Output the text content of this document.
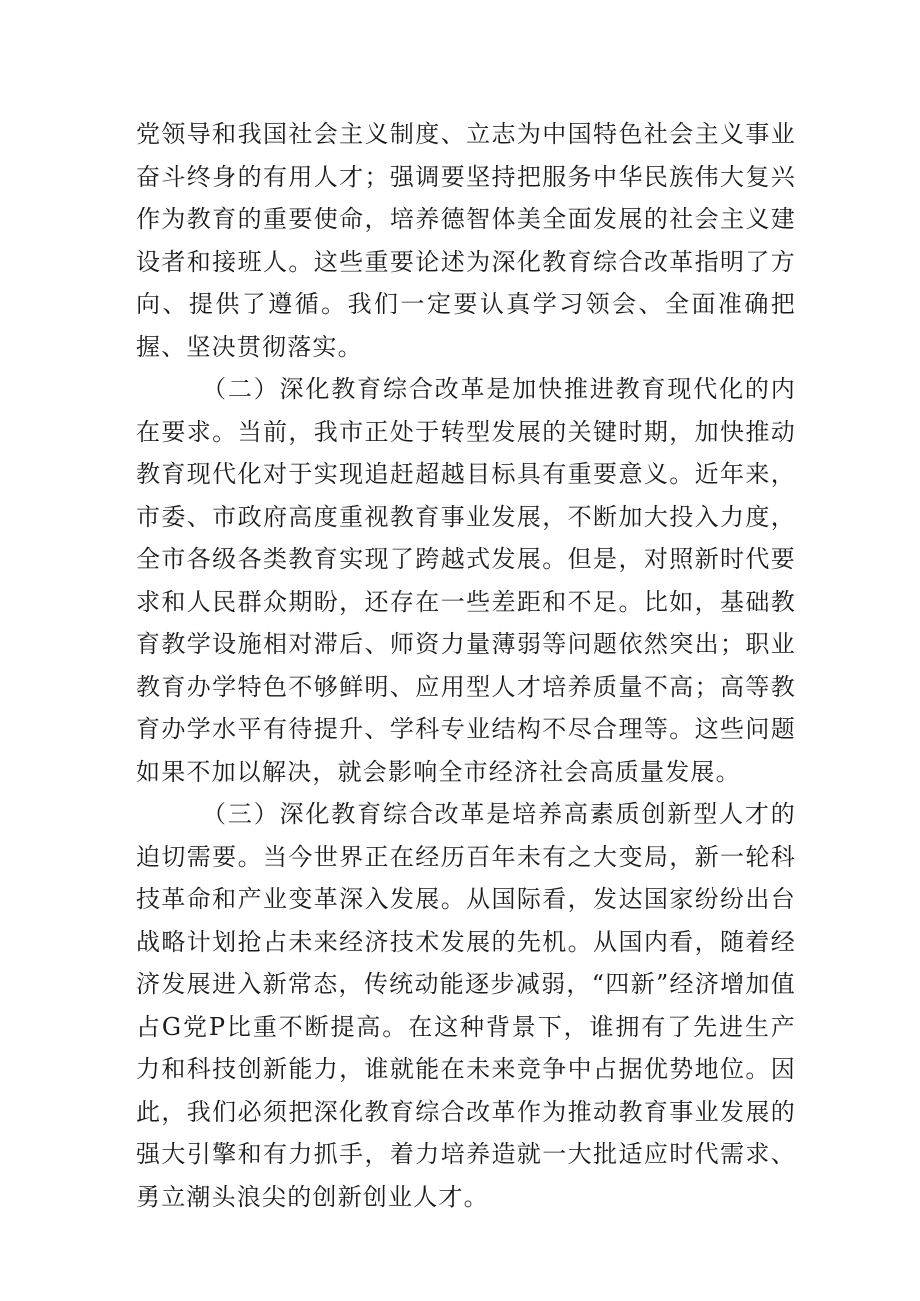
党领导和我国社会主义制度、立志为中国特色社会主义事业奋斗终身的有用人才；强调要坚持把服务中华民族伟大复兴作为教育的重要使命，培养德智体美全面发展的社会主义建设者和接班人。这些重要论述为深化教育综合改革指明了方向、提供了遵循。我们一定要认真学习领会、全面准确把握、坚决贯彻落实。

（二）深化教育综合改革是加快推进教育现代化的内在要求。当前，我市正处于转型发展的关键时期，加快推动教育现代化对于实现追赶超越目标具有重要意义。近年来，市委、市政府高度重视教育事业发展，不断加大投入力度，全市各级各类教育实现了跨越式发展。但是，对照新时代要求和人民群众期盼，还存在一些差距和不足。比如，基础教育教学设施相对滞后、师资力量薄弱等问题依然突出；职业教育办学特色不够鲜明、应用型人才培养质量不高；高等教育办学水平有待提升、学科专业结构不尽合理等。这些问题如果不加以解决，就会影响全市经济社会高质量发展。

（三）深化教育综合改革是培养高素质创新型人才的迫切需要。当今世界正在经历百年未有之大变局，新一轮科技革命和产业变革深入发展。从国际看，发达国家纷纷出台战略计划抢占未来经济技术发展的先机。从国内看，随着经济发展进入新常态，传统动能逐步减弱，“四新”经济增加值占G党P比重不断提高。在这种背景下，谁拥有了先进生产力和科技创新能力，谁就能在未来竞争中占据优势地位。因此，我们必须把深化教育综合改革作为推动教育事业发展的强大引擎和有力抓手，着力培养造就一大批适应时代需求、勇立潮头浪尖的创新创业人才。
